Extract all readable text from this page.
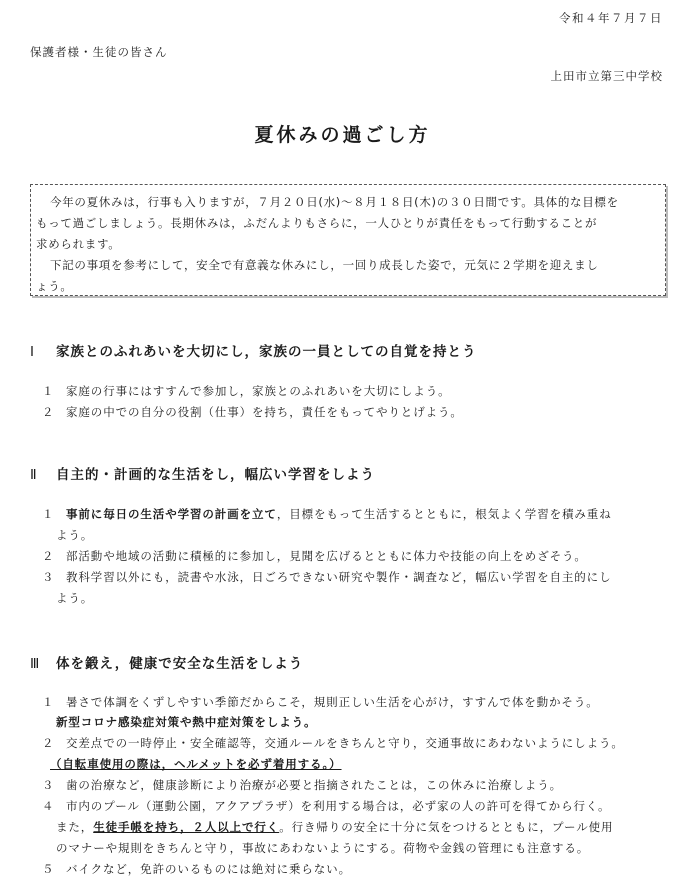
令和４年７月７日
保護者様・生徒の皆さん
上田市立第三中学校
夏休みの過ごし方
今年の夏休みは，行事も入りますが，７月２０日(水)～８月１８日(木)の３０日間です。具体的な目標を
もって過ごしましょう。長期休みは，ふだんよりもさらに，一人ひとりが責任をもって行動することが
求められます。
下記の事項を参考にして，安全で有意義な休みにし，一回り成長した姿で，元気に２学期を迎えまし
ょう。
Ⅰ 家族とのふれあいを大切にし，家族の一員としての自覚を持とう
１ 家庭の行事にはすすんで参加し，家族とのふれあいを大切にしよう。
２ 家庭の中での自分の役割（仕事）を持ち，責任をもってやりとげよう。
Ⅱ 自主的・計画的な生活をし，幅広い学習をしよう
１ 事前に毎日の生活や学習の計画を立て，目標をもって生活するとともに，根気よく学習を積み重ね
よう。
２ 部活動や地域の活動に積極的に参加し，見聞を広げるとともに体力や技能の向上をめざそう。
３ 教科学習以外にも，読書や水泳，日ごろできない研究や製作・調査など，幅広い学習を自主的にし
よう。
Ⅲ 体を鍛え，健康で安全な生活をしよう
１ 暑さで体調をくずしやすい季節だからこそ，規則正しい生活を心がけ，すすんで体を動かそう。
新型コロナ感染症対策や熱中症対策をしよう。
２ 交差点での一時停止・安全確認等，交通ルールをきちんと守り，交通事故にあわないようにしよう。
（自転車使用の際は，ヘルメットを必ず着用する。）
３ 歯の治療など，健康診断により治療が必要と指摘されたことは，この休みに治療しよう。
４ 市内のプール（運動公園，アクアプラザ）を利用する場合は，必ず家の人の許可を得てから行く。
また，生徒手帳を持ち，２人以上で行く。行き帰りの安全に十分に気をつけるとともに，プール使用
のマナーや規則をきちんと守り，事故にあわないようにする。荷物や金銭の管理にも注意する。
５ バイクなど，免許のいるものには絶対に乗らない。
